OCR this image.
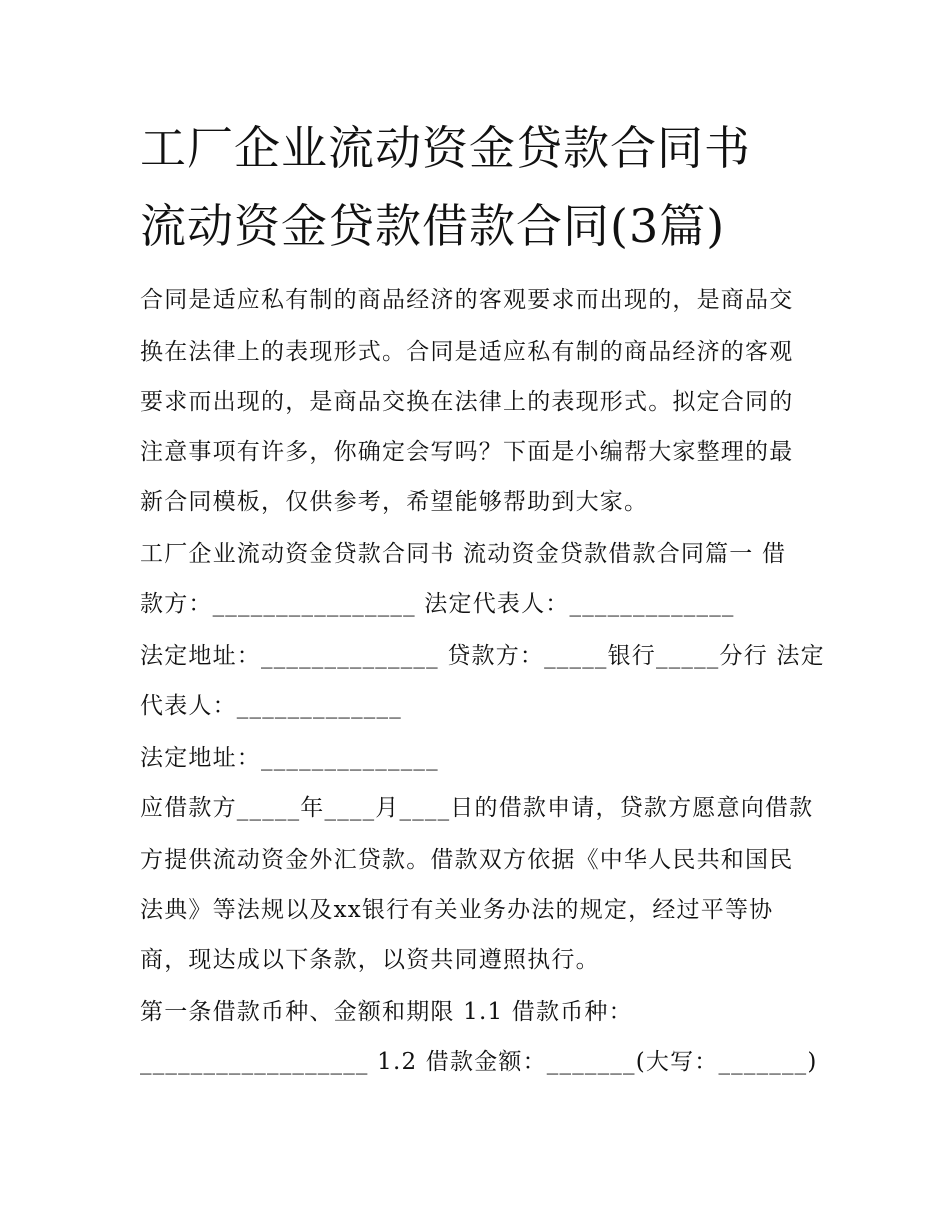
工厂企业流动资金贷款合同书
流动资金贷款借款合同(3篇)
合同是适应私有制的商品经济的客观要求而出现的，是商品交
换在法律上的表现形式。合同是适应私有制的商品经济的客观
要求而出现的，是商品交换在法律上的表现形式。拟定合同的
注意事项有许多，你确定会写吗？下面是小编帮大家整理的最
新合同模板，仅供参考，希望能够帮助到大家。
工厂企业流动资金贷款合同书 流动资金贷款借款合同篇一 借
款方：________________ 法定代表人：_____________
法定地址：______________ 贷款方：_____银行_____分行 法定
代表人：_____________
法定地址：______________
应借款方_____年____月____日的借款申请，贷款方愿意向借款
方提供流动资金外汇贷款。借款双方依据《中华人民共和国民
法典》等法规以及xx银行有关业务办法的规定，经过平等协
商，现达成以下条款，以资共同遵照执行。
第一条借款币种、金额和期限 1.1 借款币种：
__________________ 1.2 借款金额：_______(大写：_______)
